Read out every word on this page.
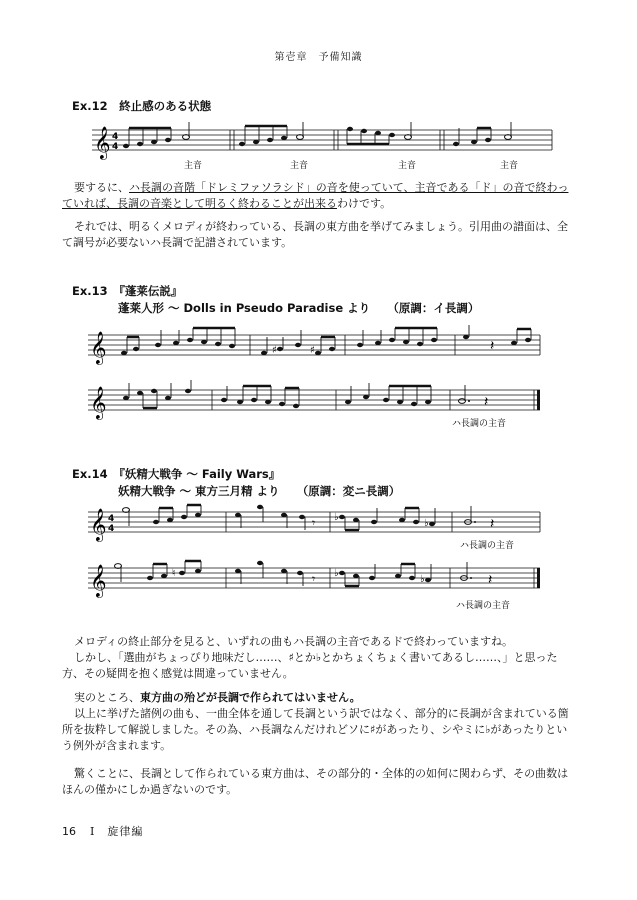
第壱章　予備知識
Ex.12　終止感のある状態
𝄞 4
4
主音	主音	主音	主音
要するに、ハ長調の音階「ドレミファソラシド」の音を使っていて、主音である「ド」の音で終わっていれば、長調の音楽として明るく終わることが出来るわけです。
それでは、明るくメロディが終わっている、長調の東方曲を挙げてみましょう。引用曲の譜面は、全て調号が必要ないハ長調で記譜されています。
Ex.13　『蓬莱伝説』
蓬莱人形 〜 Dolls in Pseudo Paradise より　　（原調：イ長調）
𝄞	♯	♯	𝄽
𝄞	𝄽
ハ長調の主音
Ex.14　『妖精大戦争 〜 Faily Wars』
妖精大戦争 〜 東方三月精 より　　（原調：変ニ長調）
𝄞 4
4	𝄾 ♭
♭	𝄽
ハ長調の主音
𝄞	♮	𝄾 ♭
♭	𝄽
ハ長調の主音
メロディの終止部分を見ると、いずれの曲もハ長調の主音であるドで終わっていますね。
しかし、「選曲がちょっぴり地味だし……、♯とか♭とかちょくちょく書いてあるし……、」と思った方、その疑問を抱く感覚は間違っていません。
実のところ、東方曲の殆どが長調で作られてはいません。
以上に挙げた諸例の曲も、一曲全体を通して長調という訳ではなく、部分的に長調が含まれている箇所を抜粋して解説しました。その為、ハ長調なんだけれどソに♯があったり、シやミに♭があったりという例外が含まれます。
驚くことに、長調として作られている東方曲は、その部分的・全体的の如何に関わらず、その曲数はほんの僅かにしか過ぎないのです。
16 Ⅰ　旋律編
